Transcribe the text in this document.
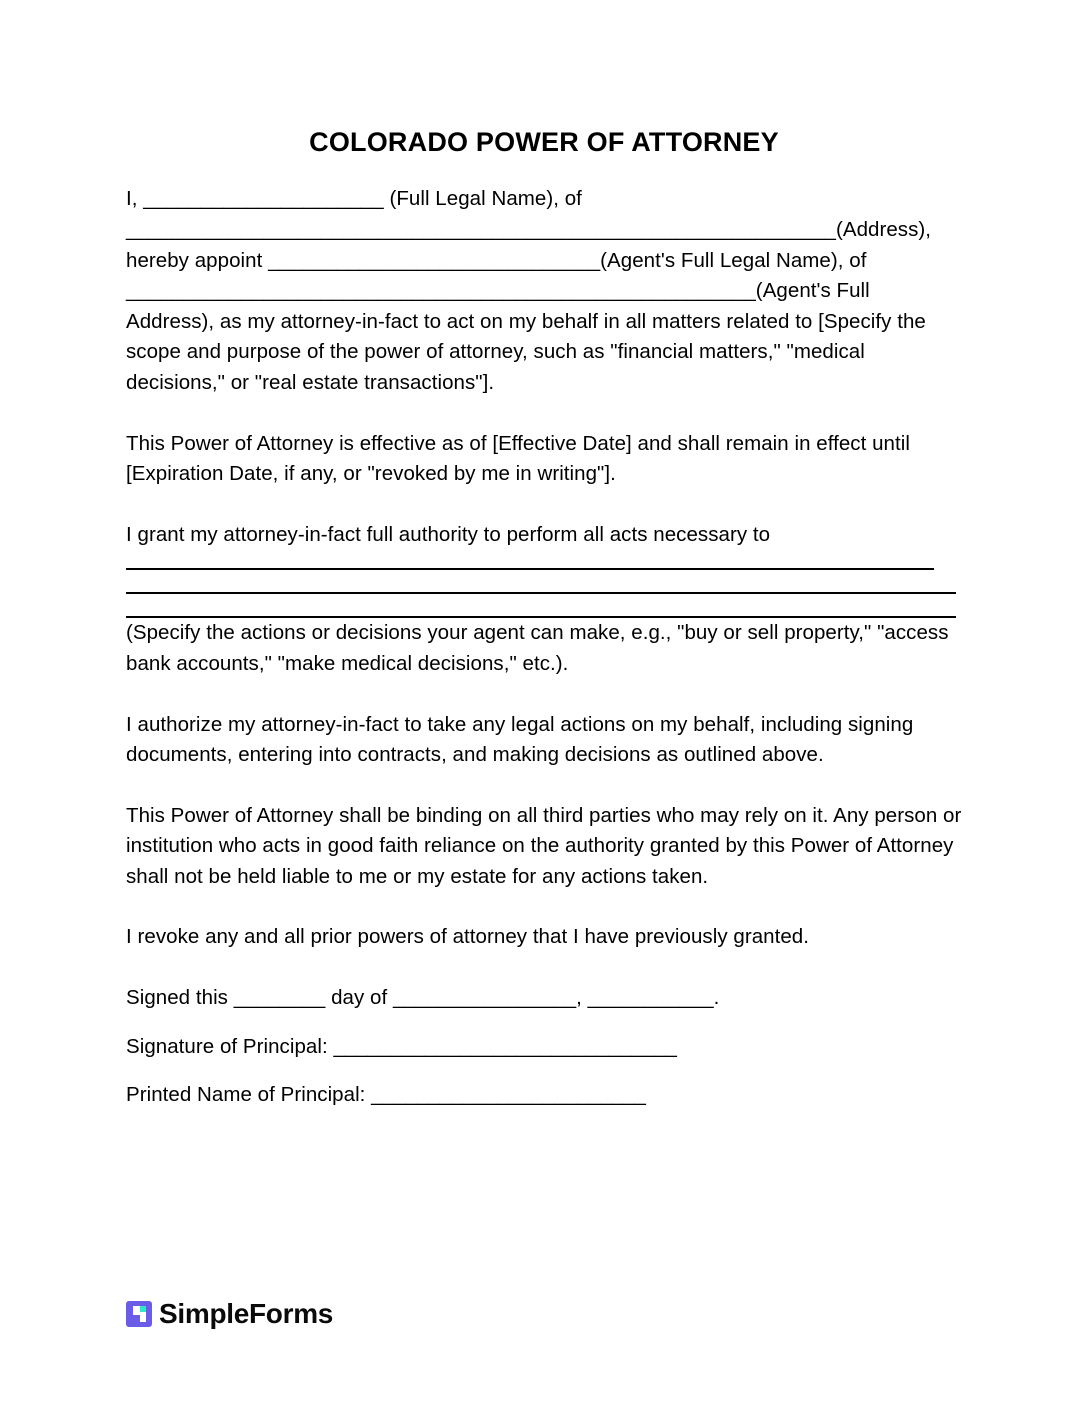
COLORADO POWER OF ATTORNEY

I, _____________________ (Full Legal Name), of

______________________________________________________________(Address), hereby appoint _____________________________(Agent's Full Legal Name), of

_______________________________________________________(Agent's Full Address), as my attorney-in-fact to act on my behalf in all matters related to [Specify the scope and purpose of the power of attorney, such as "financial matters," "medical decisions," or "real estate transactions"].

This Power of Attorney is effective as of [Effective Date] and shall remain in effect until [Expiration Date, if any, or "revoked by me in writing"].

I grant my attorney-in-fact full authority to perform all acts necessary to

(Specify the actions or decisions your agent can make, e.g., "buy or sell property," "access bank accounts," "make medical decisions," etc.).

I authorize my attorney-in-fact to take any legal actions on my behalf, including signing documents, entering into contracts, and making decisions as outlined above.

This Power of Attorney shall be binding on all third parties who may rely on it. Any person or institution who acts in good faith reliance on the authority granted by this Power of Attorney shall not be held liable to me or my estate for any actions taken.

I revoke any and all prior powers of attorney that I have previously granted.

Signed this ________ day of ________________, ___________.

Signature of Principal: ______________________________

Printed Name of Principal: ________________________

SimpleForms
